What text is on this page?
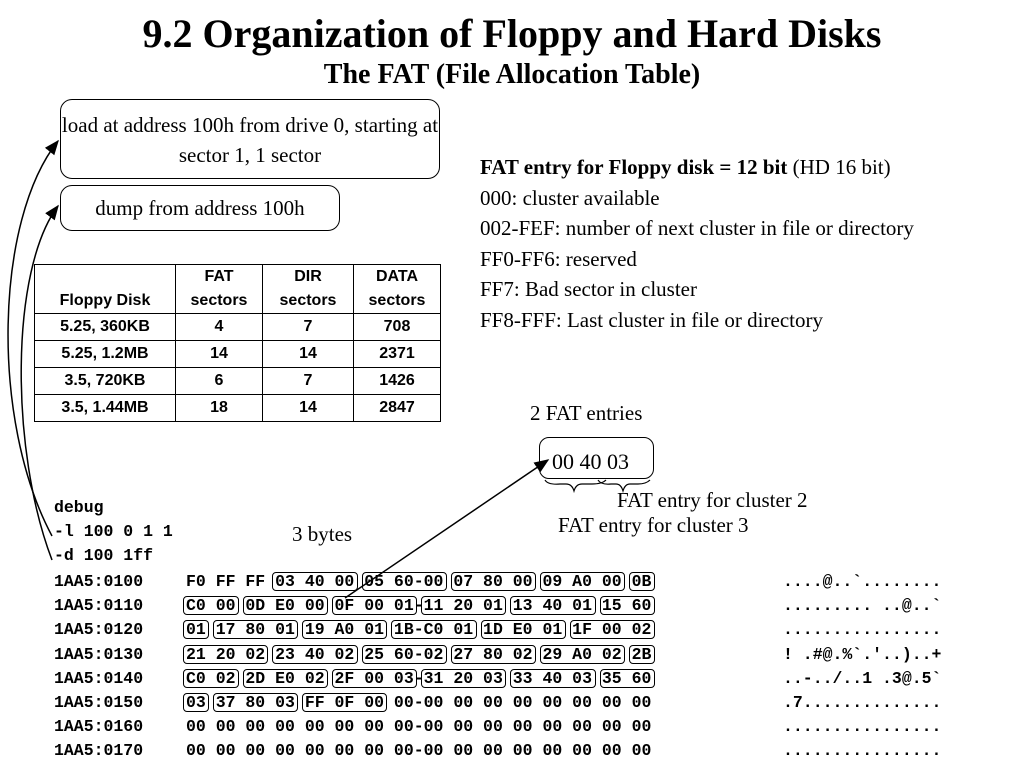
9.2 Organization of Floppy and Hard Disks
The FAT (File Allocation Table)
load at address 100h from drive 0, starting at sector 1, 1 sector
dump from address 100h
	FAT	DIR	DATA
Floppy Disk	sectors	sectors	sectors
5.25, 360KB	4	7	708
5.25, 1.2MB	14	14	2371
3.5, 720KB	6	7	1426
3.5, 1.44MB	18	14	2847
FAT entry for Floppy disk = 12 bit (HD 16 bit)
000: cluster available
002-FEF: number of next cluster in file or directory
FF0-FF6: reserved
FF7: Bad sector in cluster
FF8-FFF: Last cluster in file or directory
2 FAT entries
00 40 03
FAT entry for cluster 2
FAT entry for cluster 3
3 bytes
debug
-l 100 0 1 1
-d 100 1ff
1AA5:0100	F0 FF FF 03 40 00 05 60-00 07 80 00 09 A0 00 0B	....@..`........
1AA5:0110	C0 00 0D E0 00 0F 00 01-11 20 01 13 40 01 15 60	......... ..@..`
1AA5:0120	01 17 80 01 19 A0 01 1B-C0 01 1D E0 01 1F 00 02	................
1AA5:0130	21 20 02 23 40 02 25 60-02 27 80 02 29 A0 02 2B	! .#@.%`.'..)..+
1AA5:0140	C0 02 2D E0 02 2F 00 03-31 20 03 33 40 03 35 60	..-../..1 .3@.5`
1AA5:0150	03 37 80 03 FF 0F 00 00-00 00 00 00 00 00 00 00	.7..............
1AA5:0160	00 00 00 00 00 00 00 00-00 00 00 00 00 00 00 00	................
1AA5:0170	00 00 00 00 00 00 00 00-00 00 00 00 00 00 00 00	................
